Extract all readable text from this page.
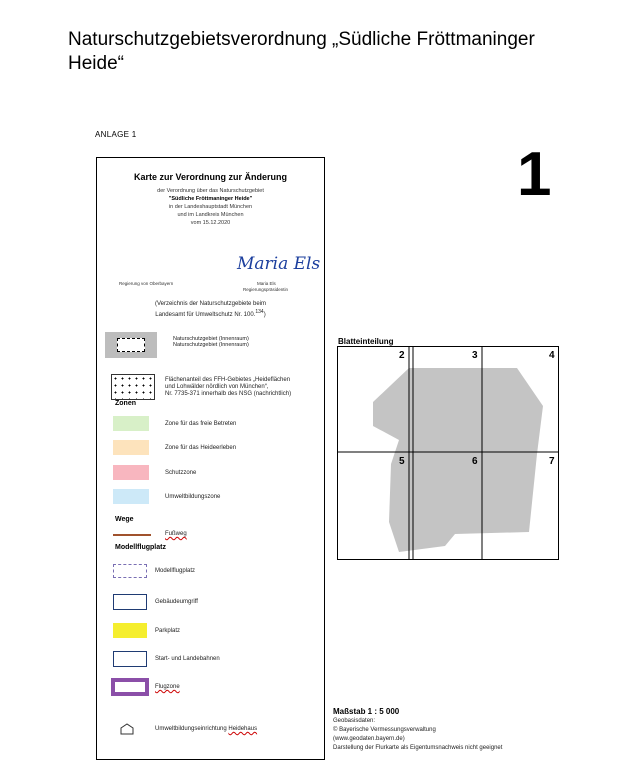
Naturschutzgebietsverordnung „Südliche Fröttmaninger Heide“
ANLAGE 1
1
Karte zur Verordnung zur Änderung
der Verordnung über das Naturschutzgebiet
"Südliche Fröttmaninger Heide"
in der Landeshauptstadt München
und im Landkreis München
vom 15.12.2020
Regierung von Oberbayern
Maria Els
Maria Els
Regierungspräsidentin
(Verzeichnis der Naturschutzgebiete beim
Landesamt für Umweltschutz Nr. 100.$^{134}$)
Naturschutzgebiet (Innenraum)
Naturschutzgebiet (Innenraum)
Flächenanteil des FFH-Gebietes „Heideflächen
und Lohwälder nördlich von München“,
Nr. 7735-371 innerhalb des NSG (nachrichtlich)
Zonen
Zone für das freie Betreten
Zone für das Heideerleben
Schutzzone
Umweltbildungszone
Wege
Fußweg
Modellflugplatz
Modellflugplatz
Gebäudeumgriff
Parkplatz
Start- und Landebahnen
Flugzone
Umweltbildungseinrichtung Heidehaus
Blatteinteilung
2	3	4
5	6	7
Maßstab 1 : 5 000
Geobasisdaten:
© Bayerische Vermessungsverwaltung
(www.geodaten.bayern.de)
Darstellung der Flurkarte als Eigentumsnachweis nicht geeignet
